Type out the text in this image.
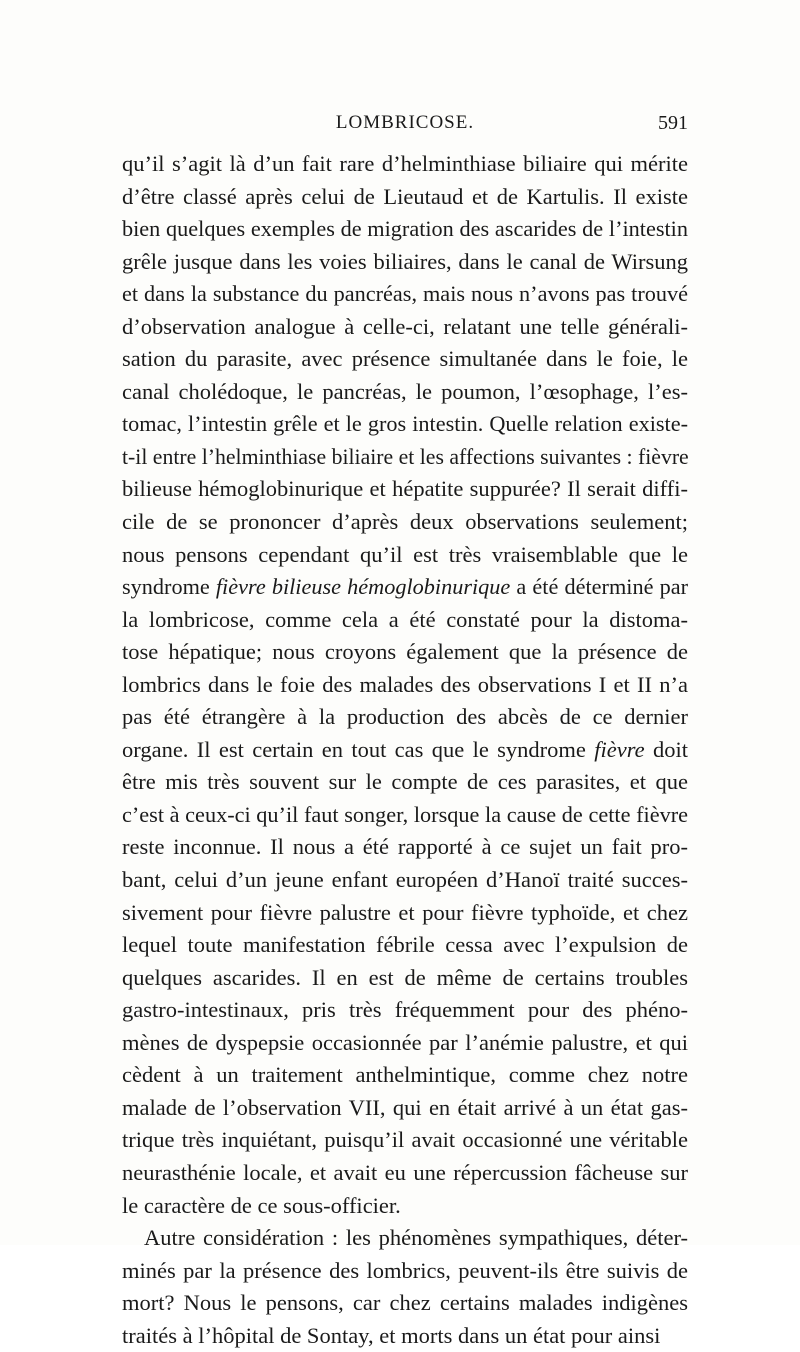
LOMBRICOSE.	591
qu’il s’agit là d’un fait rare d’helminthiase biliaire qui mérite
d’être classé après celui de Lieutaud et de Kartulis. Il existe
bien quelques exemples de migration des ascarides de l’intestin
grêle jusque dans les voies biliaires, dans le canal de Wirsung
et dans la substance du pancréas, mais nous n’avons pas trouvé
d’observation analogue à celle-ci, relatant une telle générali-
sation du parasite, avec présence simultanée dans le foie, le
canal cholédoque, le pancréas, le poumon, l’œsophage, l’es-
tomac, l’intestin grêle et le gros intestin. Quelle relation existe-
t-il entre l’helminthiase biliaire et les affections suivantes : fièvre
bilieuse hémoglobinurique et hépatite suppurée? Il serait diffi-
cile de se prononcer d’après deux observations seulement;
nous pensons cependant qu’il est très vraisemblable que le
syndrome fièvre bilieuse hémoglobinurique a été déterminé par
la lombricose, comme cela a été constaté pour la distoma-
tose hépatique; nous croyons également que la présence de
lombrics dans le foie des malades des observations I et II n’a
pas été étrangère à la production des abcès de ce dernier
organe. Il est certain en tout cas que le syndrome fièvre doit
être mis très souvent sur le compte de ces parasites, et que
c’est à ceux-ci qu’il faut songer, lorsque la cause de cette fièvre
reste inconnue. Il nous a été rapporté à ce sujet un fait pro-
bant, celui d’un jeune enfant européen d’Hanoï traité succes-
sivement pour fièvre palustre et pour fièvre typhoïde, et chez
lequel toute manifestation fébrile cessa avec l’expulsion de
quelques ascarides. Il en est de même de certains troubles
gastro-intestinaux, pris très fréquemment pour des phéno-
mènes de dyspepsie occasionnée par l’anémie palustre, et qui
cèdent à un traitement anthelmintique, comme chez notre
malade de l’observation VII, qui en était arrivé à un état gas-
trique très inquiétant, puisqu’il avait occasionné une véritable
neurasthénie locale, et avait eu une répercussion fâcheuse sur
le caractère de ce sous-officier.
Autre considération : les phénomènes sympathiques, déter-
minés par la présence des lombrics, peuvent-ils être suivis de
mort? Nous le pensons, car chez certains malades indigènes
traités à l’hôpital de Sontay, et morts dans un état pour ainsi
